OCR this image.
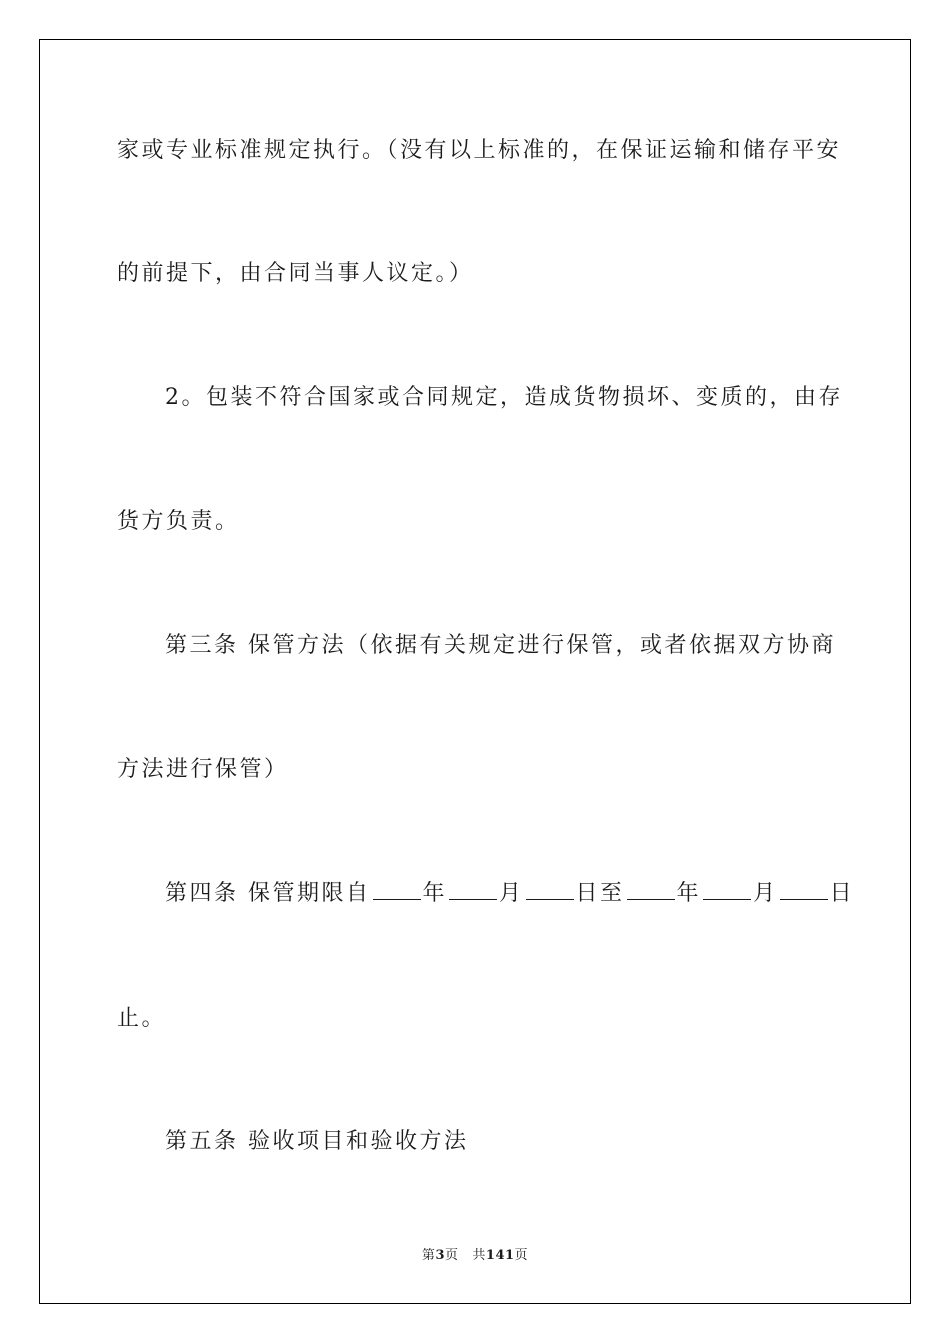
家或专业标准规定执行。（没有以上标准的，在保证运输和储存平安
的前提下，由合同当事人议定。）
2。包装不符合国家或合同规定，造成货物损坏、变质的，由存
货方负责。
第三条 保管方法（依据有关规定进行保管，或者依据双方协商
方法进行保管）
第四条 保管期限自 年 月 日至 年 月 日
止。
第五条 验收项目和验收方法
第3页 共141页
